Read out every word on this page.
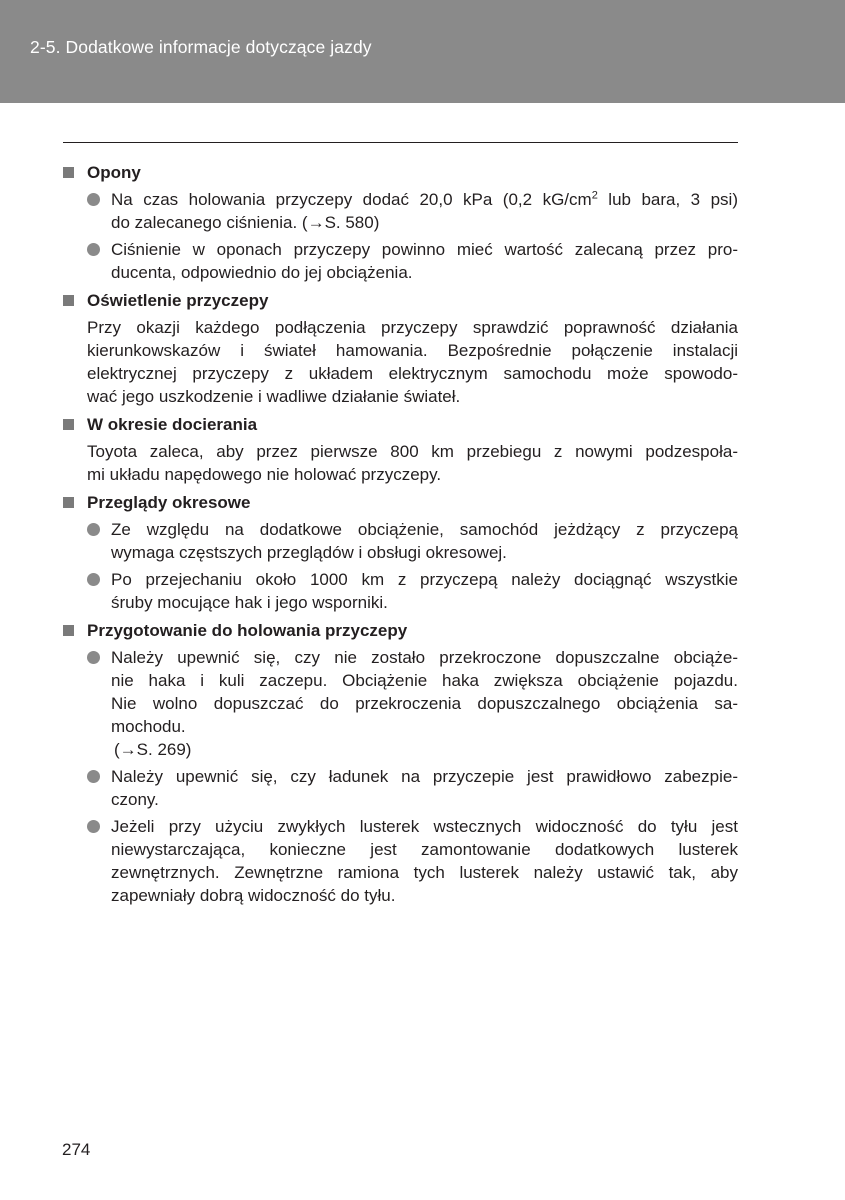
2-5. Dodatkowe informacje dotyczące jazdy
Opony
Na czas holowania przyczepy dodać 20,0 kPa (0,2 $kG/cm^2$ lub bara, 3 psi)
do zalecanego ciśnienia. (→S. 580)
Ciśnienie w oponach przyczepy powinno mieć wartość zalecaną przez pro-
ducenta, odpowiednio do jej obciążenia.
Oświetlenie przyczepy
Przy okazji każdego podłączenia przyczepy sprawdzić poprawność działania
kierunkowskazów i świateł hamowania. Bezpośrednie połączenie instalacji
elektrycznej przyczepy z układem elektrycznym samochodu może spowodo-
wać jego uszkodzenie i wadliwe działanie świateł.
W okresie docierania
Toyota zaleca, aby przez pierwsze 800 km przebiegu z nowymi podzespoła-
mi układu napędowego nie holować przyczepy.
Przeglądy okresowe
Ze względu na dodatkowe obciążenie, samochód jeżdżący z przyczepą
wymaga częstszych przeglądów i obsługi okresowej.
Po przejechaniu około 1000 km z przyczepą należy dociągnąć wszystkie
śruby mocujące hak i jego wsporniki.
Przygotowanie do holowania przyczepy
Należy upewnić się, czy nie zostało przekroczone dopuszczalne obciąże-
nie haka i kuli zaczepu. Obciążenie haka zwiększa obciążenie pojazdu.
Nie wolno dopuszczać do przekroczenia dopuszczalnego obciążenia sa-
mochodu.
(→S. 269)
Należy upewnić się, czy ładunek na przyczepie jest prawidłowo zabezpie-
czony.
Jeżeli przy użyciu zwykłych lusterek wstecznych widoczność do tyłu jest
niewystarczająca, konieczne jest zamontowanie dodatkowych lusterek
zewnętrznych. Zewnętrzne ramiona tych lusterek należy ustawić tak, aby
zapewniały dobrą widoczność do tyłu.
274
